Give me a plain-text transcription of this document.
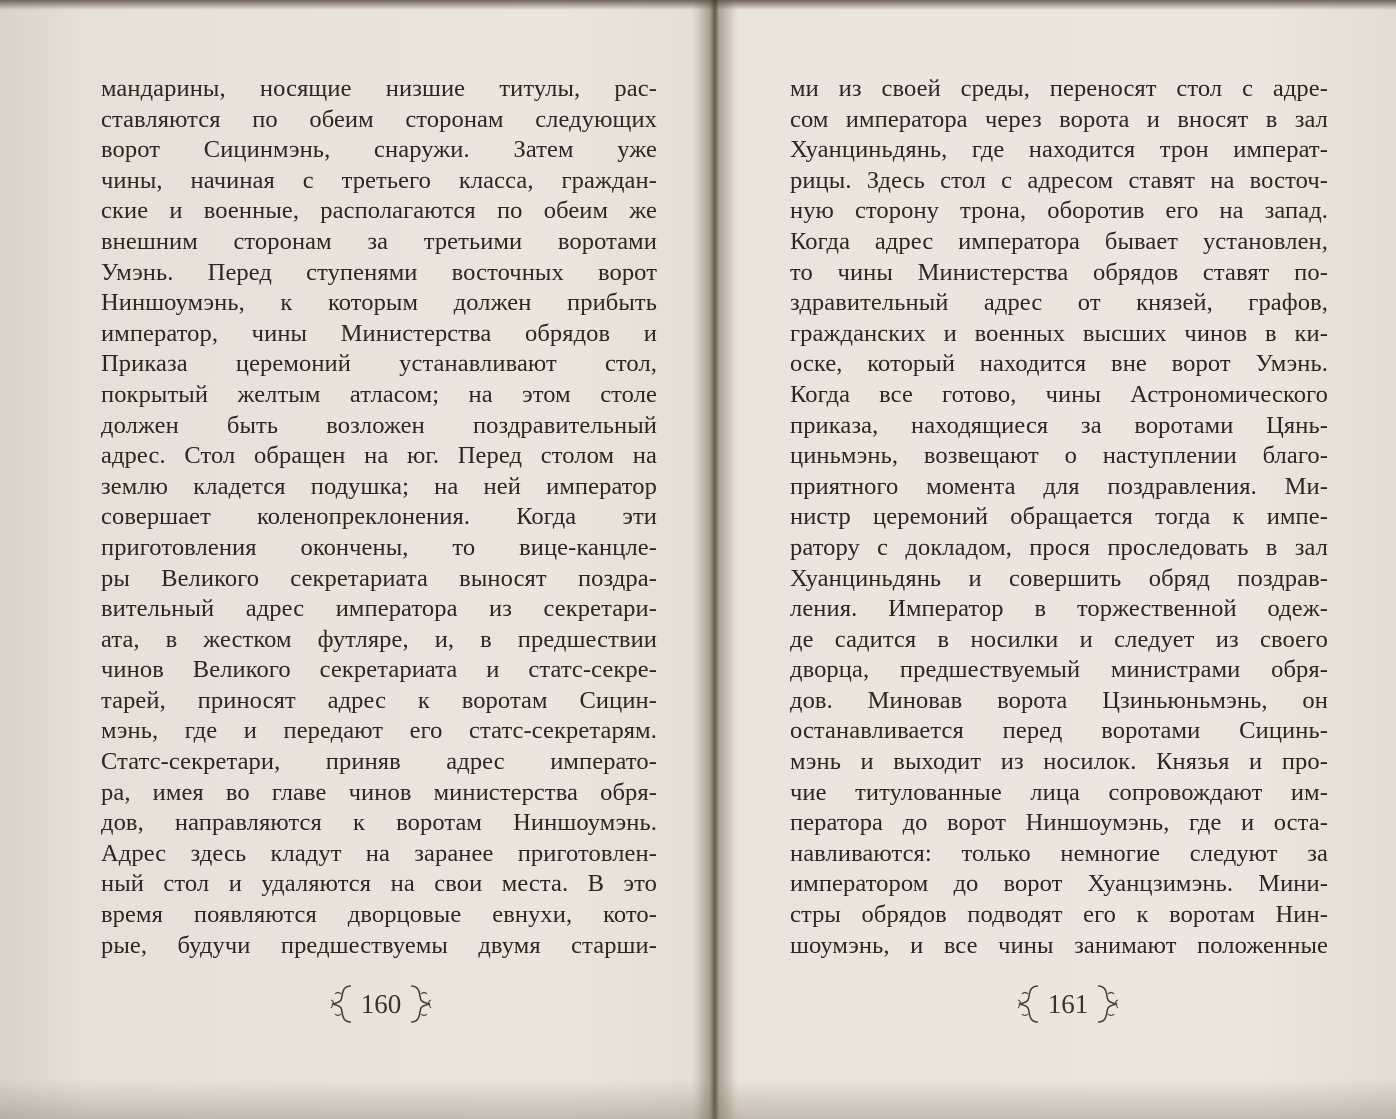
мандарины, носящие низшие титулы, рас-
ставляются по обеим сторонам следующих
ворот Сицинмэнь, снаружи. Затем уже
чины, начиная с третьего класса, граждан-
ские и военные, располагаются по обеим же
внешним сторонам за третьими воротами
Умэнь. Перед ступенями восточных ворот
Ниншоумэнь, к которым должен прибыть
император, чины Министерства обрядов и
Приказа церемоний устанавливают стол,
покрытый желтым атласом; на этом столе
должен быть возложен поздравительный
адрес. Стол обращен на юг. Перед столом на
землю кладется подушка; на ней император
совершает коленопреклонения. Когда эти
приготовления окончены, то вице-канцле-
ры Великого секретариата выносят поздра-
вительный адрес императора из секретари-
ата, в жестком футляре, и, в предшествии
чинов Великого секретариата и статс-секре-
тарей, приносят адрес к воротам Сицин-
мэнь, где и передают его статс-секретарям.
Статс-секретари, приняв адрес императо-
ра, имея во главе чинов министерства обря-
дов, направляются к воротам Ниншоумэнь.
Адрес здесь кладут на заранее приготовлен-
ный стол и удаляются на свои места. В это
время появляются дворцовые евнухи, кото-
рые, будучи предшествуемы двумя старши-
ми из своей среды, переносят стол с адре-
сом императора через ворота и вносят в зал
Хуанциньдянь, где находится трон императ-
рицы. Здесь стол с адресом ставят на восточ-
ную сторону трона, оборотив его на запад.
Когда адрес императора бывает установлен,
то чины Министерства обрядов ставят по-
здравительный адрес от князей, графов,
гражданских и военных высших чинов в ки-
оске, который находится вне ворот Умэнь.
Когда все готово, чины Астрономического
приказа, находящиеся за воротами Цянь-
циньмэнь, возвещают о наступлении благо-
приятного момента для поздравления. Ми-
нистр церемоний обращается тогда к импе-
ратору с докладом, прося проследовать в зал
Хуанциньдянь и совершить обряд поздрав-
ления. Император в торжественной одеж-
де садится в носилки и следует из своего
дворца, предшествуемый министрами обря-
дов. Миновав ворота Цзиньюньмэнь, он
останавливается перед воротами Сицинь-
мэнь и выходит из носилок. Князья и про-
чие титулованные лица сопровождают им-
ператора до ворот Ниншоумэнь, где и оста-
навливаются: только немногие следуют за
императором до ворот Хуанцзимэнь. Мини-
стры обрядов подводят его к воротам Нин-
шоумэнь, и все чины занимают положенные
160	161
